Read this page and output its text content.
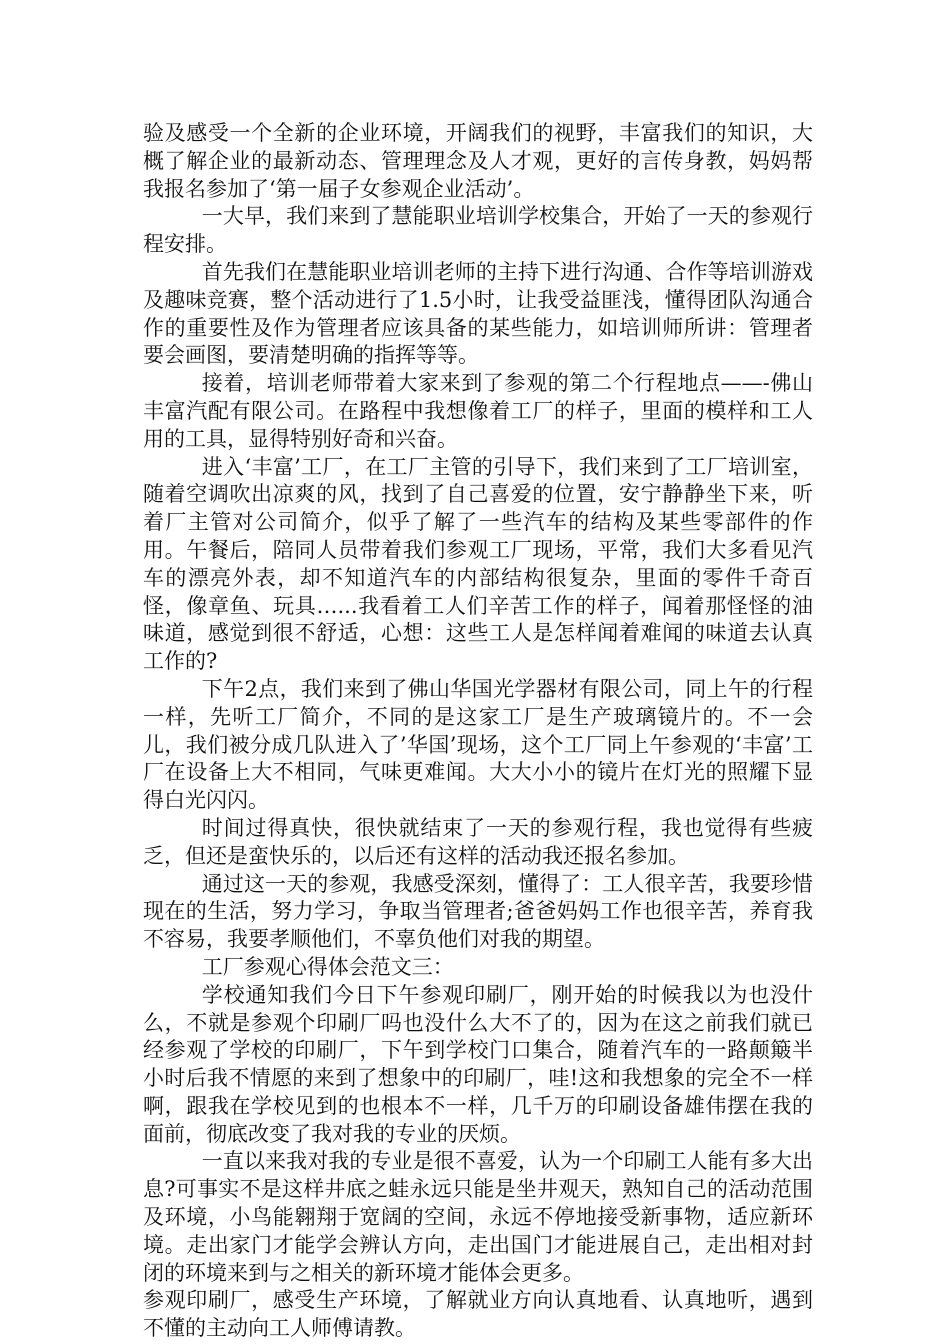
验及感受一个全新的企业环境，开阔我们的视野，丰富我们的知识，大概了解企业的最新动态、管理理念及人才观，更好的言传身教，妈妈帮我报名参加了‘第一届子女参观企业活动’。

一大早，我们来到了慧能职业培训学校集合，开始了一天的参观行程安排。

首先我们在慧能职业培训老师的主持下进行沟通、合作等培训游戏及趣味竞赛，整个活动进行了1.5小时，让我受益匪浅，懂得团队沟通合作的重要性及作为管理者应该具备的某些能力，如培训师所讲：管理者要会画图，要清楚明确的指挥等等。

接着，培训老师带着大家来到了参观的第二个行程地点——-佛山丰富汽配有限公司。在路程中我想像着工厂的样子，里面的模样和工人用的工具，显得特别好奇和兴奋。

进入‘丰富’工厂，在工厂主管的引导下，我们来到了工厂培训室，随着空调吹出凉爽的风，找到了自己喜爱的位置，安宁静静坐下来，听着厂主管对公司简介，似乎了解了一些汽车的结构及某些零部件的作用。午餐后，陪同人员带着我们参观工厂现场，平常，我们大多看见汽车的漂亮外表，却不知道汽车的内部结构很复杂，里面的零件千奇百怪，像章鱼、玩具…...我看着工人们辛苦工作的样子，闻着那怪怪的油味道，感觉到很不舒适，心想：这些工人是怎样闻着难闻的味道去认真工作的?

下午2点，我们来到了佛山华国光学器材有限公司，同上午的行程一样，先听工厂简介，不同的是这家工厂是生产玻璃镜片的。不一会儿，我们被分成几队进入了’华国’现场，这个工厂同上午参观的‘丰富’工厂在设备上大不相同，气味更难闻。大大小小的镜片在灯光的照耀下显得白光闪闪。

时间过得真快，很快就结束了一天的参观行程，我也觉得有些疲乏，但还是蛮快乐的，以后还有这样的活动我还报名参加。

通过这一天的参观，我感受深刻，懂得了：工人很辛苦，我要珍惜现在的生活，努力学习，争取当管理者;爸爸妈妈工作也很辛苦，养育我不容易，我要孝顺他们，不辜负他们对我的期望。

工厂参观心得体会范文三：

学校通知我们今日下午参观印刷厂，刚开始的时候我以为也没什么，不就是参观个印刷厂吗也没什么大不了的，因为在这之前我们就已经参观了学校的印刷厂，下午到学校门口集合，随着汽车的一路颠簸半小时后我不情愿的来到了想象中的印刷厂，哇!这和我想象的完全不一样啊，跟我在学校见到的也根本不一样，几千万的印刷设备雄伟摆在我的面前，彻底改变了我对我的专业的厌烦。

一直以来我对我的专业是很不喜爱，认为一个印刷工人能有多大出息?可事实不是这样井底之蛙永远只能是坐井观天，熟知自己的活动范围及环境，小鸟能翱翔于宽阔的空间，永远不停地接受新事物，适应新环境。走出家门才能学会辨认方向，走出国门才能进展自己，走出相对封闭的环境来到与之相关的新环境才能体会更多。

参观印刷厂，感受生产环境，了解就业方向认真地看、认真地听，遇到不懂的主动向工人师傅请教。
